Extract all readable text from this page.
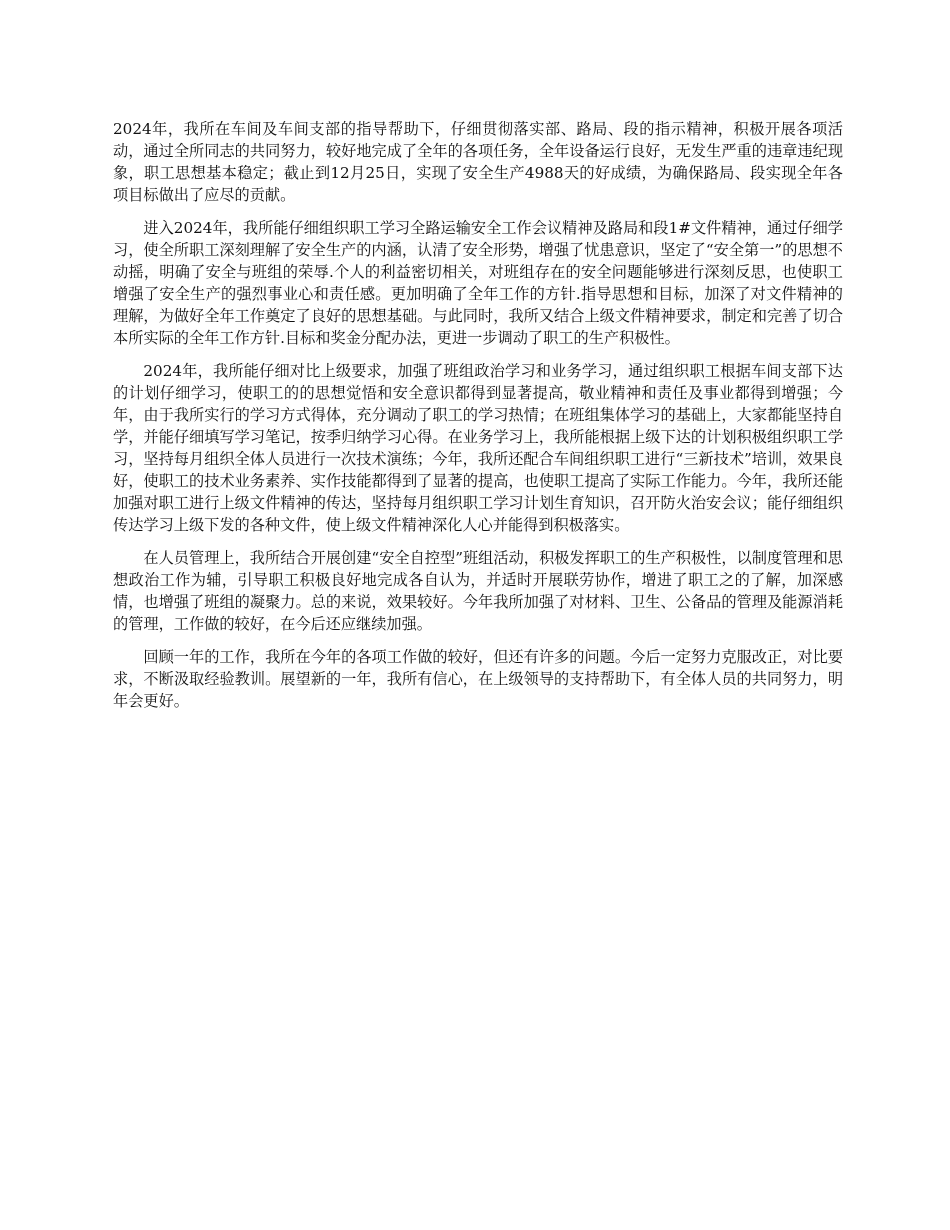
2024年，我所在车间及车间支部的指导帮助下，仔细贯彻落实部、路局、段的指示精神，积极开展各项活动，通过全所同志的共同努力，较好地完成了全年的各项任务，全年设备运行良好，无发生严重的违章违纪现象，职工思想基本稳定；截止到12月25日，实现了安全生产4988天的好成绩，为确保路局、段实现全年各项目标做出了应尽的贡献。

进入2024年，我所能仔细组织职工学习全路运输安全工作会议精神及路局和段1#文件精神，通过仔细学习，使全所职工深刻理解了安全生产的内涵，认清了安全形势，增强了忧患意识，坚定了“安全第一”的思想不动摇，明确了安全与班组的荣辱.个人的利益密切相关，对班组存在的安全问题能够进行深刻反思，也使职工增强了安全生产的强烈事业心和责任感。更加明确了全年工作的方针.指导思想和目标，加深了对文件精神的理解，为做好全年工作奠定了良好的思想基础。与此同时，我所又结合上级文件精神要求，制定和完善了切合本所实际的全年工作方针.目标和奖金分配办法，更进一步调动了职工的生产积极性。

2024年，我所能仔细对比上级要求，加强了班组政治学习和业务学习，通过组织职工根据车间支部下达的计划仔细学习，使职工的的思想觉悟和安全意识都得到显著提高，敬业精神和责任及事业都得到增强；今年，由于我所实行的学习方式得体，充分调动了职工的学习热情；在班组集体学习的基础上，大家都能坚持自学，并能仔细填写学习笔记，按季归纳学习心得。在业务学习上，我所能根据上级下达的计划积极组织职工学习，坚持每月组织全体人员进行一次技术演练；今年，我所还配合车间组织职工进行“三新技术”培训，效果良好，使职工的技术业务素养、实作技能都得到了显著的提高，也使职工提高了实际工作能力。今年，我所还能加强对职工进行上级文件精神的传达，坚持每月组织职工学习计划生育知识，召开防火治安会议；能仔细组织传达学习上级下发的各种文件，使上级文件精神深化人心并能得到积极落实。

在人员管理上，我所结合开展创建“安全自控型”班组活动，积极发挥职工的生产积极性，以制度管理和思想政治工作为辅，引导职工积极良好地完成各自认为，并适时开展联劳协作，增进了职工之的了解，加深感情，也增强了班组的凝聚力。总的来说，效果较好。今年我所加强了对材料、卫生、公备品的管理及能源消耗的管理，工作做的较好，在今后还应继续加强。

回顾一年的工作，我所在今年的各项工作做的较好，但还有许多的问题。今后一定努力克服改正，对比要求，不断汲取经验教训。展望新的一年，我所有信心，在上级领导的支持帮助下，有全体人员的共同努力，明年会更好。
